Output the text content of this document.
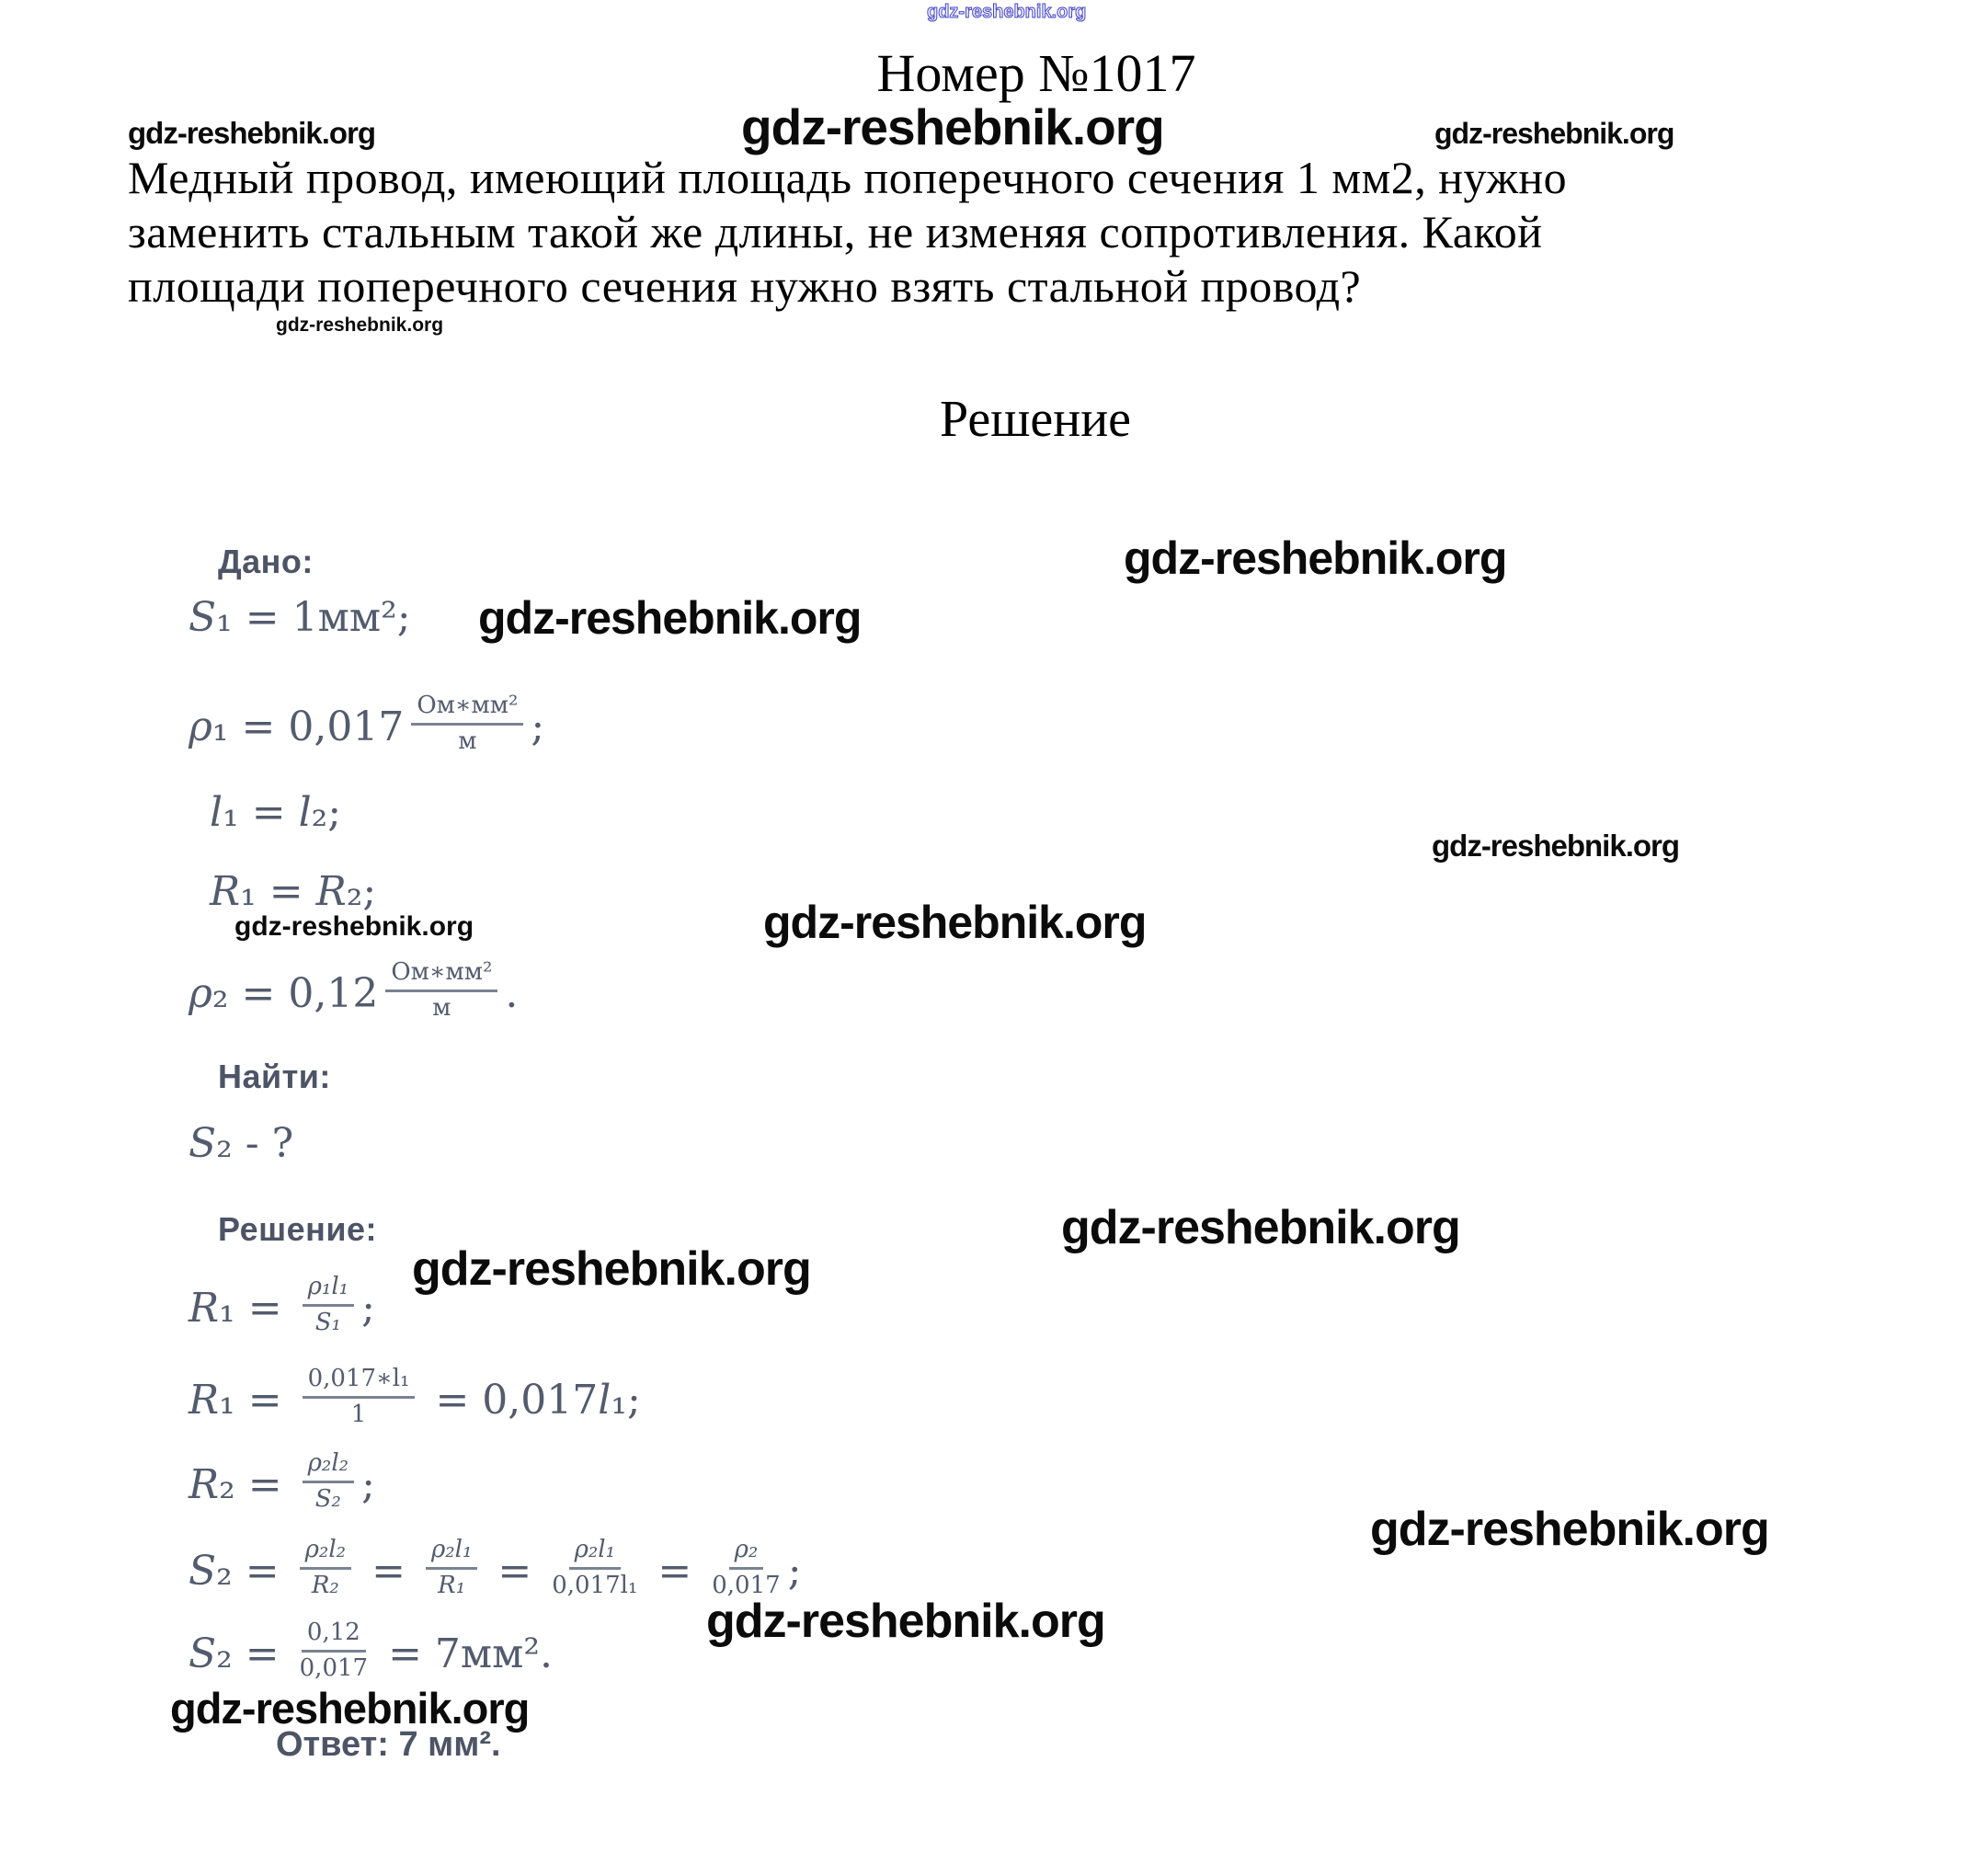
gdz-reshebnik.org
gdz-reshebnik.org	gdz-reshebnik.org	gdz-reshebnik.org
gdz-reshebnik.org
gdz-reshebnik.org
gdz-reshebnik.org
gdz-reshebnik.org
gdz-reshebnik.org	gdz-reshebnik.org
gdz-reshebnik.org
gdz-reshebnik.org
gdz-reshebnik.org
gdz-reshebnik.org
gdz-reshebnik.org
Номер №1017
Медный провод, имеющий площадь поперечного сечения 1 мм2, нужно
заменить стальным такой же длины, не изменяя сопротивления. Какой
площади поперечного сечения нужно взять стальной провод?
Решение
Дано:
S ₁ = 1мм²;
ρ $_1 = 0,017 \frac{\text{Ом∗мм²}}{м}$ ;
l ₁ = l ₂;
R ₁ = R ₂;
ρ $_2 = 0,12 \frac{\text{Ом∗мм²}}{м}$ .
Найти:
S ₂ - ?
Решение:
R $_1 = \frac{\text{ρ₁l₁}}{\text{S₁}}$ ;
R $_1 = \frac{\text{0,017∗l₁}}{1} = 0,017$ l ₁;
R $_2 = \frac{\text{ρ₂l₂}}{\text{S₂}}$ ;
S $_2 = \frac{\text{ρ₂l₂}}{\text{R₂}} = \frac{\text{ρ₂l₁}}{\text{R₁}} = \frac{\text{ρ₂l₁}}{\text{0,017l₁}} = \frac{\text{ρ₂}}{0,017}$ ;
S $_2 = \frac{0,12}{0,017} = 7мм^2$.
Ответ: 7 мм².
